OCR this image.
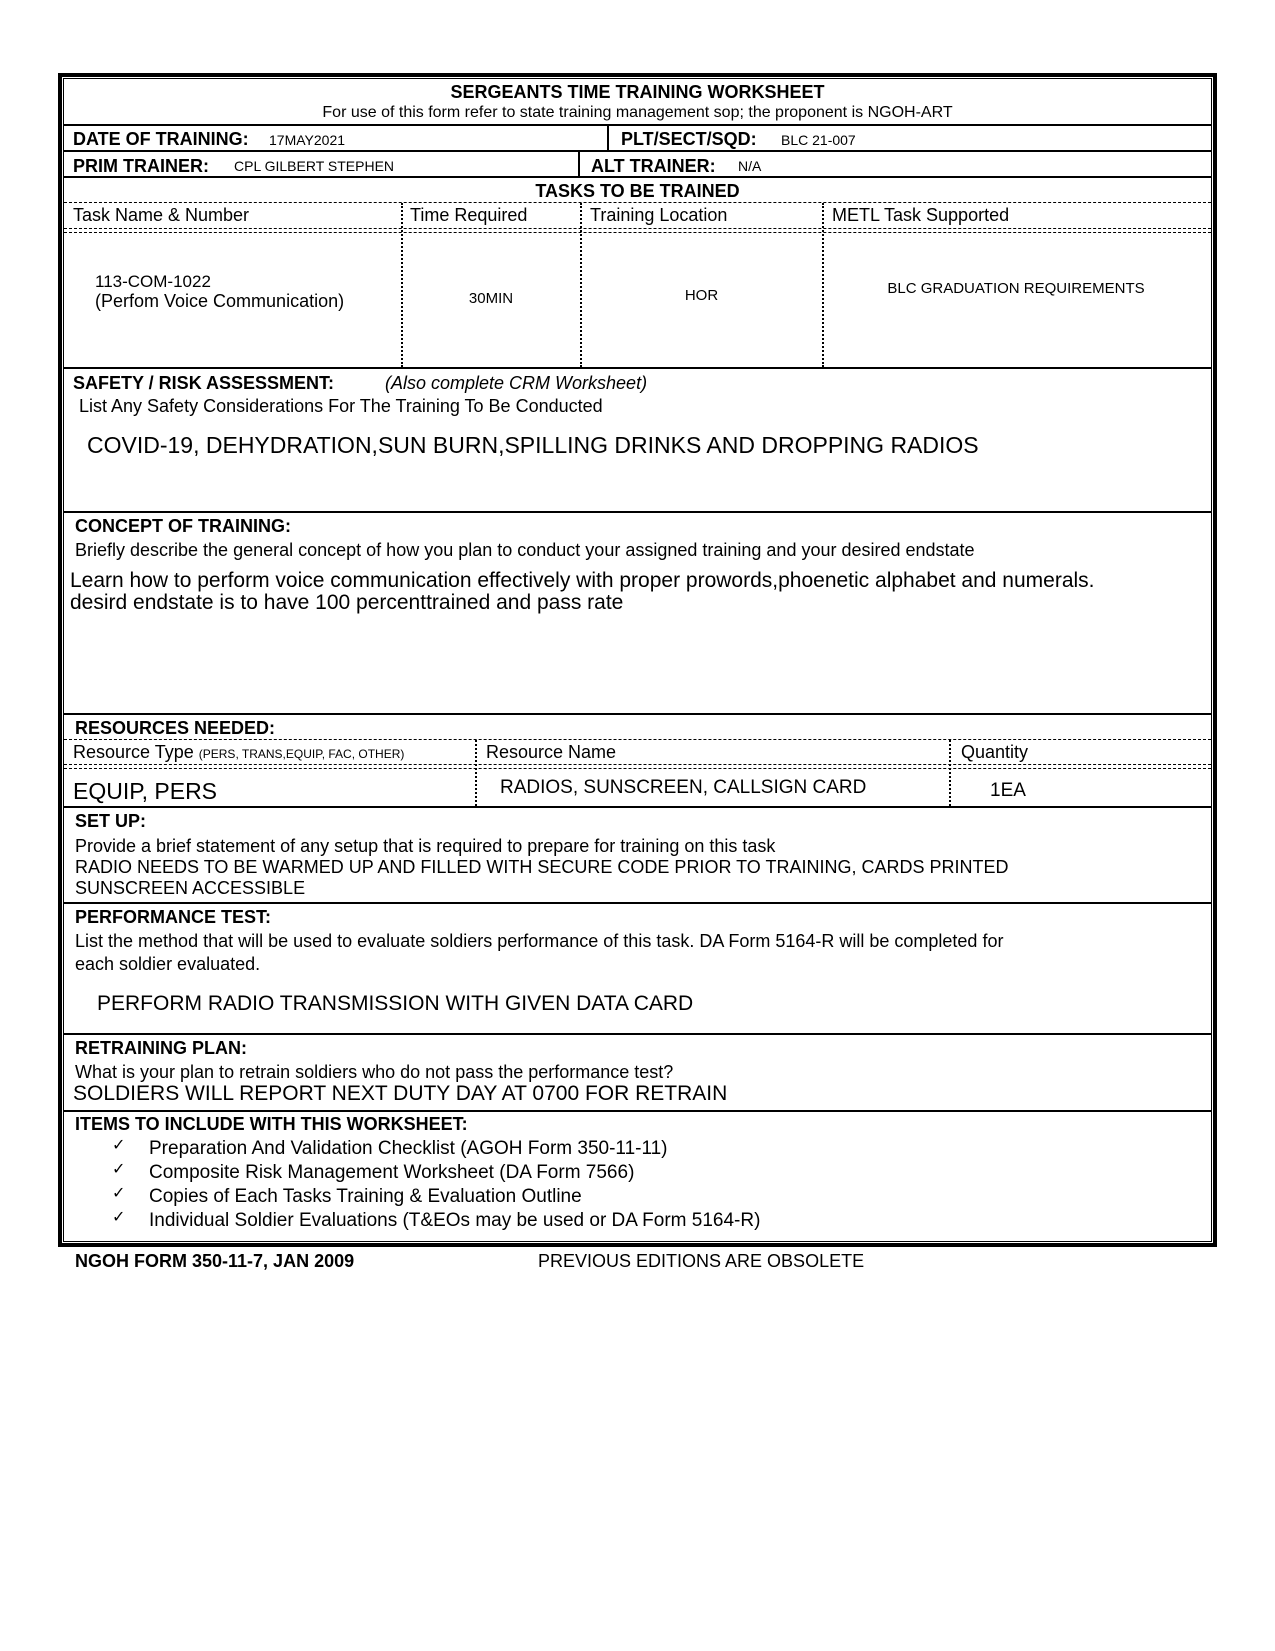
SERGEANTS TIME TRAINING WORKSHEET
For use of this form refer to state training management sop; the proponent is NGOH-ART
DATE OF TRAINING: 17MAY2021	PLT/SECT/SQD: BLC 21-007
PRIM TRAINER: CPL GILBERT STEPHEN	ALT TRAINER: N/A
TASKS TO BE TRAINED
Task Name & Number	Time Required	Training Location	METL Task Supported
113-COM-1022
(Perfom Voice Communication)	30MIN	HOR	BLC GRADUATION REQUIREMENTS
SAFETY / RISK ASSESSMENT:	(Also complete CRM Worksheet)
List Any Safety Considerations For The Training To Be Conducted
COVID-19, DEHYDRATION,SUN BURN,SPILLING DRINKS AND DROPPING RADIOS
CONCEPT OF TRAINING:
Briefly describe the general concept of how you plan to conduct your assigned training and your desired endstate
Learn how to perform voice communication effectively with proper prowords,phoenetic alphabet and numerals.
desird endstate is to have 100 percenttrained and pass rate
RESOURCES NEEDED:
Resource Type (PERS, TRANS,EQUIP, FAC, OTHER)	Resource Name	Quantity
EQUIP, PERS	RADIOS, SUNSCREEN, CALLSIGN CARD	1EA
SET UP:
Provide a brief statement of any setup that is required to prepare for training on this task
RADIO NEEDS TO BE WARMED UP AND FILLED WITH SECURE CODE PRIOR TO TRAINING, CARDS PRINTED
SUNSCREEN ACCESSIBLE
PERFORMANCE TEST:
List the method that will be used to evaluate soldiers performance of this task. DA Form 5164-R will be completed for
each soldier evaluated.
PERFORM RADIO TRANSMISSION WITH GIVEN DATA CARD
RETRAINING PLAN:
What is your plan to retrain soldiers who do not pass the performance test?
SOLDIERS WILL REPORT NEXT DUTY DAY AT 0700 FOR RETRAIN
ITEMS TO INCLUDE WITH THIS WORKSHEET:
✓ Preparation And Validation Checklist (AGOH Form 350-11-11)
✓ Composite Risk Management Worksheet (DA Form 7566)
✓ Copies of Each Tasks Training & Evaluation Outline
✓ Individual Soldier Evaluations (T&EOs may be used or DA Form 5164-R)
NGOH FORM 350-11-7, JAN 2009	PREVIOUS EDITIONS ARE OBSOLETE
